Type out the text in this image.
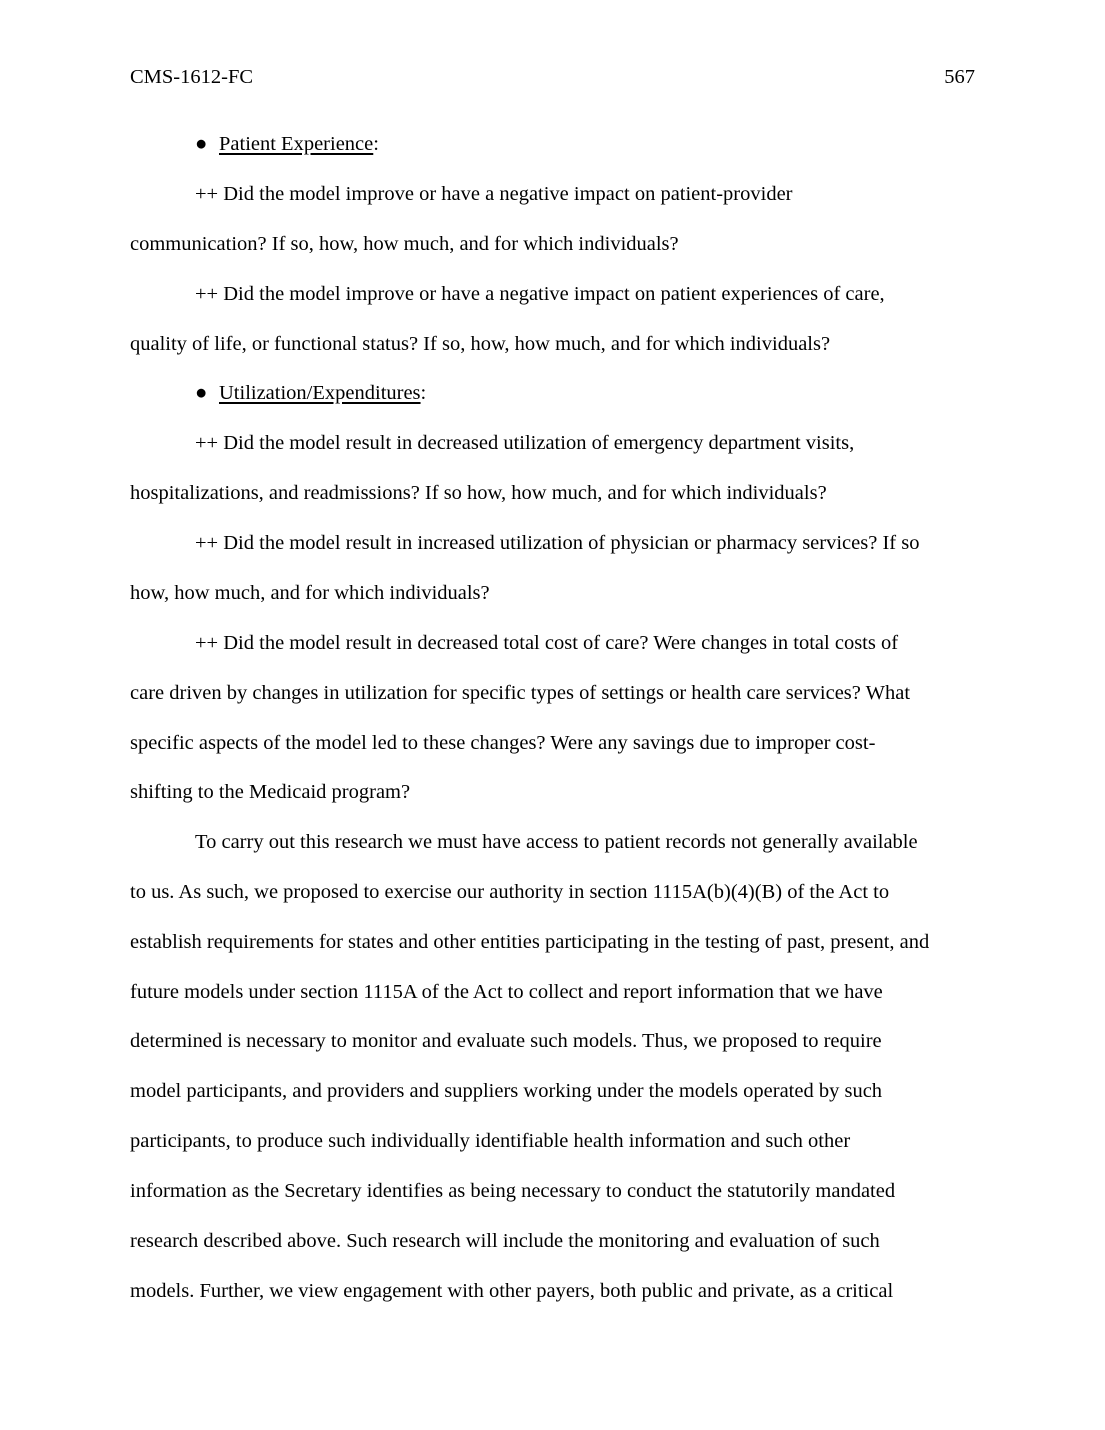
CMS-1612-FC	567
● Patient Experience:
++ Did the model improve or have a negative impact on patient-provider
communication? If so, how, how much, and for which individuals?
++ Did the model improve or have a negative impact on patient experiences of care,
quality of life, or functional status? If so, how, how much, and for which individuals?
● Utilization/Expenditures:
++ Did the model result in decreased utilization of emergency department visits,
hospitalizations, and readmissions? If so how, how much, and for which individuals?
++ Did the model result in increased utilization of physician or pharmacy services? If so
how, how much, and for which individuals?
++ Did the model result in decreased total cost of care? Were changes in total costs of
care driven by changes in utilization for specific types of settings or health care services? What
specific aspects of the model led to these changes? Were any savings due to improper cost-
shifting to the Medicaid program?
To carry out this research we must have access to patient records not generally available
to us. As such, we proposed to exercise our authority in section 1115A(b)(4)(B) of the Act to
establish requirements for states and other entities participating in the testing of past, present, and
future models under section 1115A of the Act to collect and report information that we have
determined is necessary to monitor and evaluate such models. Thus, we proposed to require
model participants, and providers and suppliers working under the models operated by such
participants, to produce such individually identifiable health information and such other
information as the Secretary identifies as being necessary to conduct the statutorily mandated
research described above. Such research will include the monitoring and evaluation of such
models. Further, we view engagement with other payers, both public and private, as a critical
